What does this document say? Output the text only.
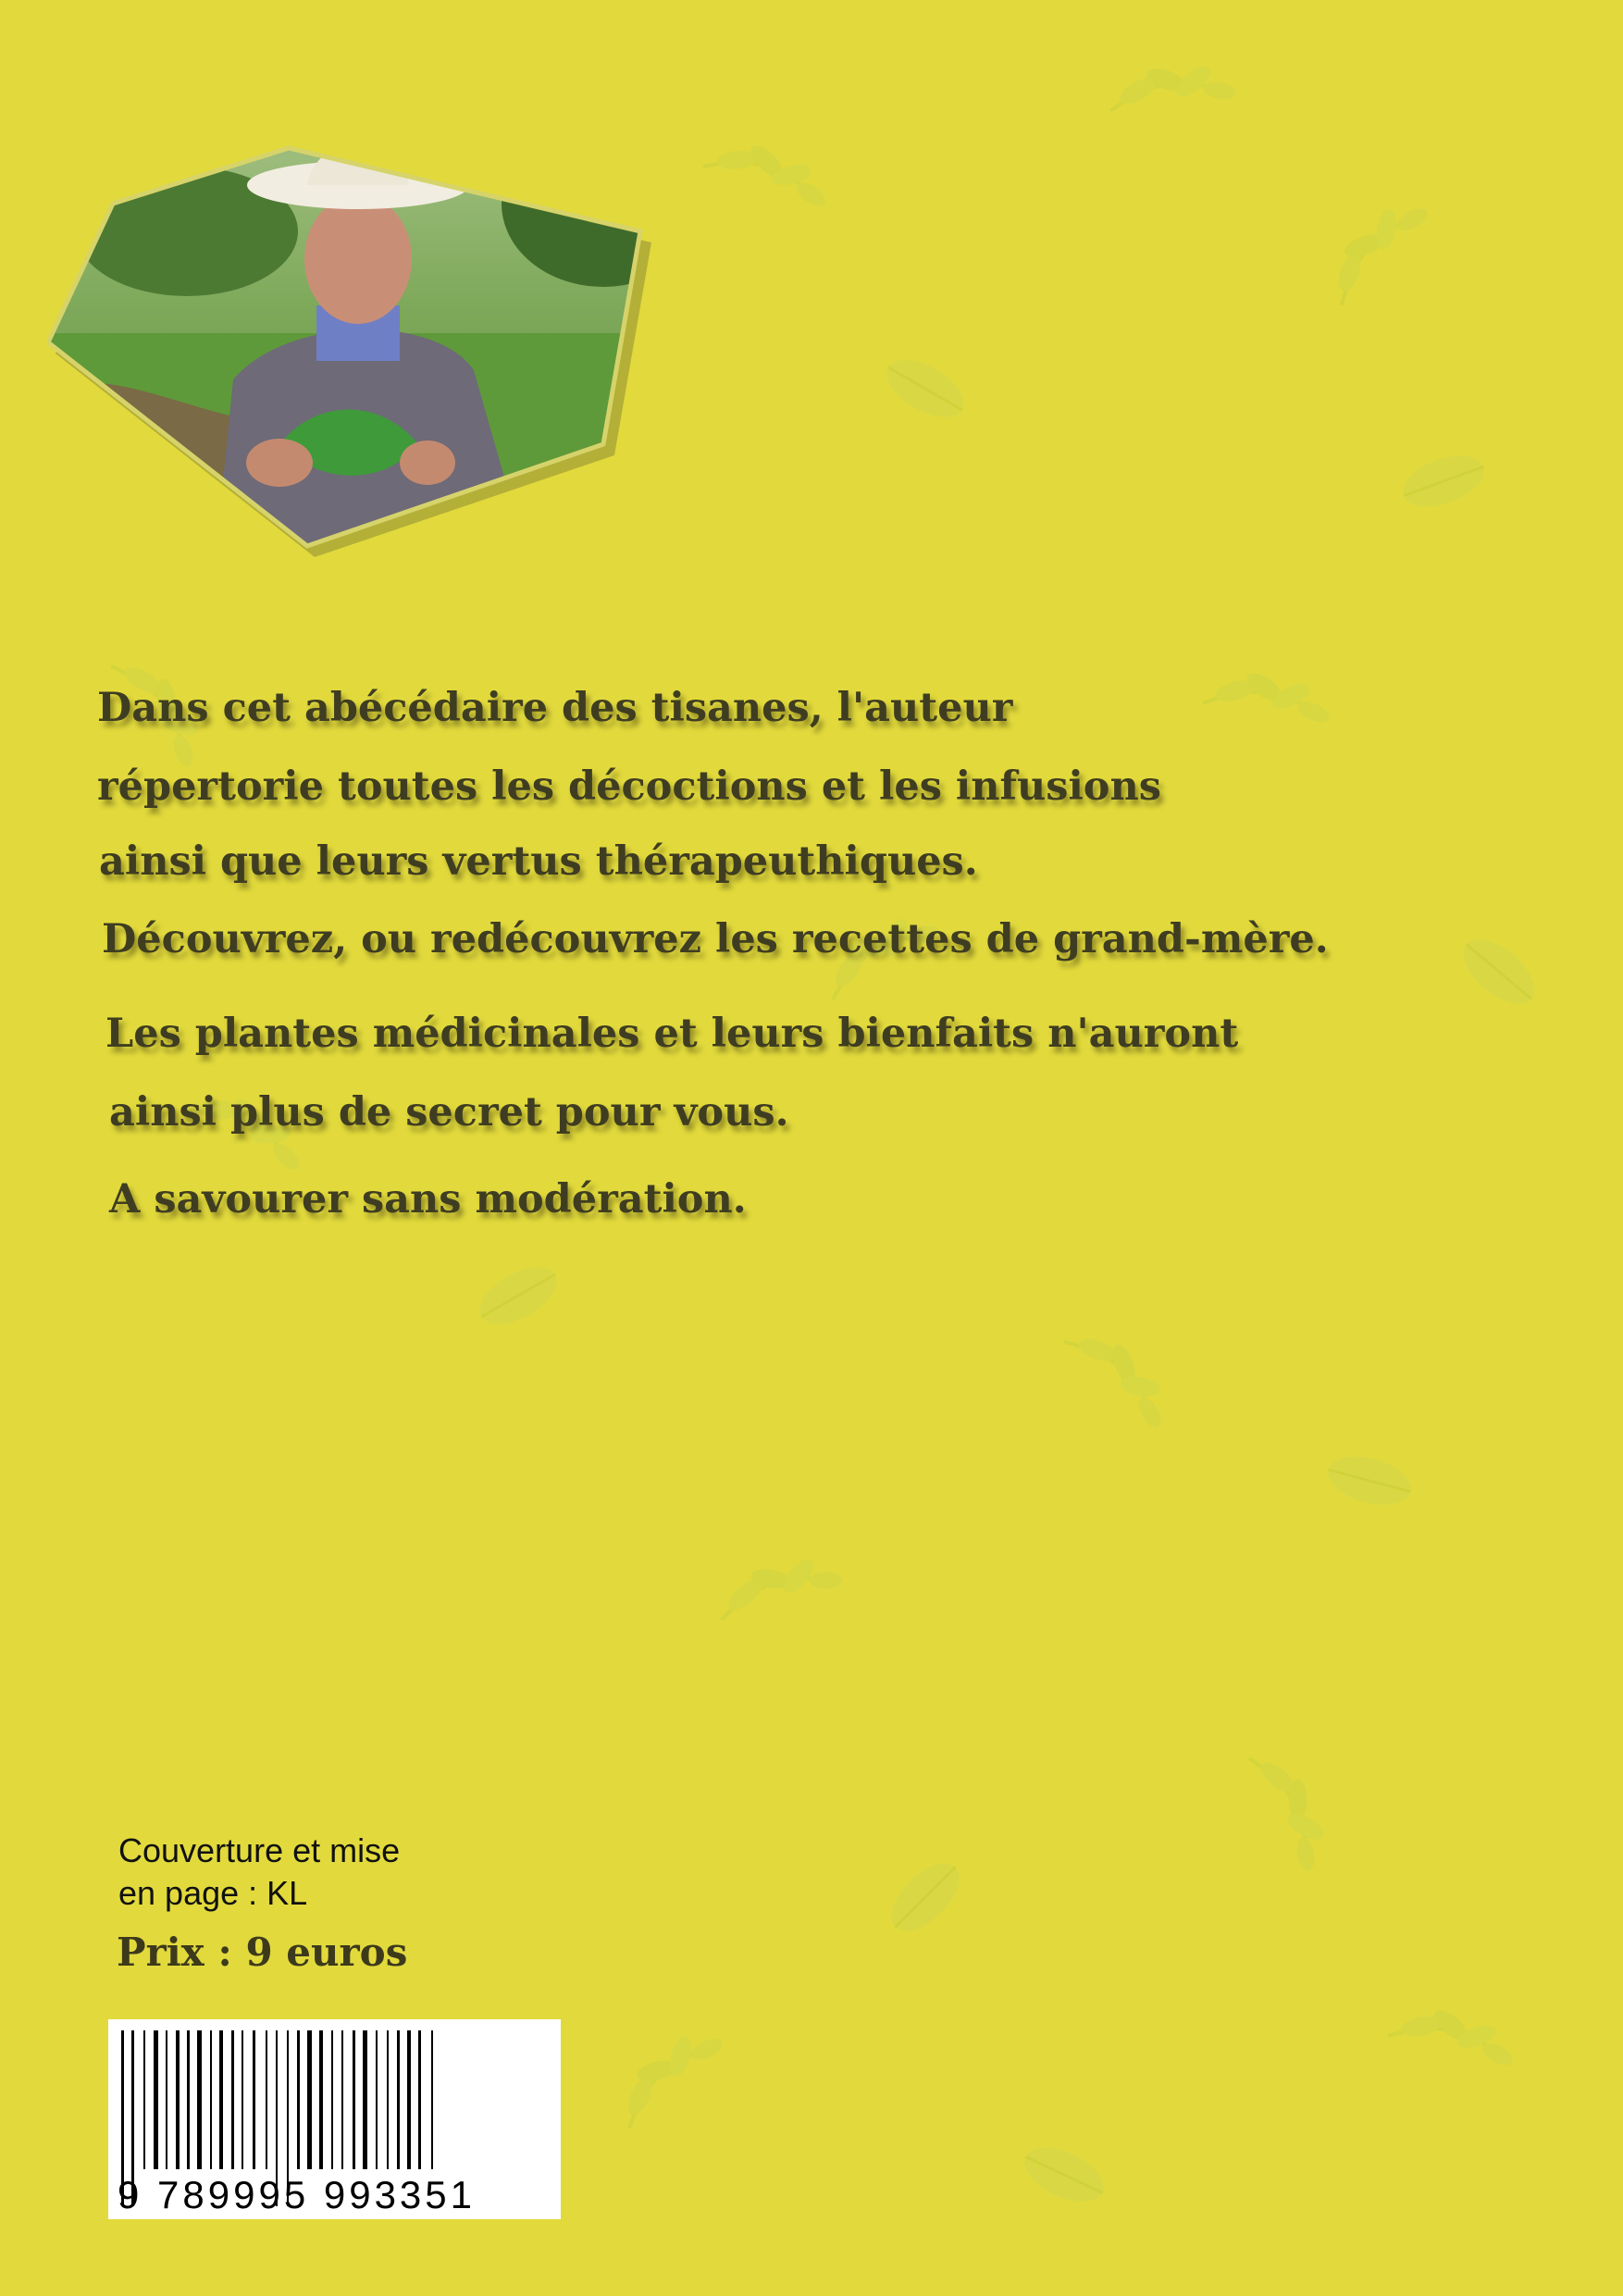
Dans cet abécédaire des tisanes, l'auteur

répertorie toutes les décoctions et les infusions

ainsi que leurs vertus thérapeuthiques.

Découvrez, ou redécouvrez les recettes de grand-mère.

Les plantes médicinales et leurs bienfaits n'auront

ainsi plus de secret pour vous.

A savourer sans modération.

Couverture et mise
en page : KL

Prix : 9 euros

9 789995 993351
